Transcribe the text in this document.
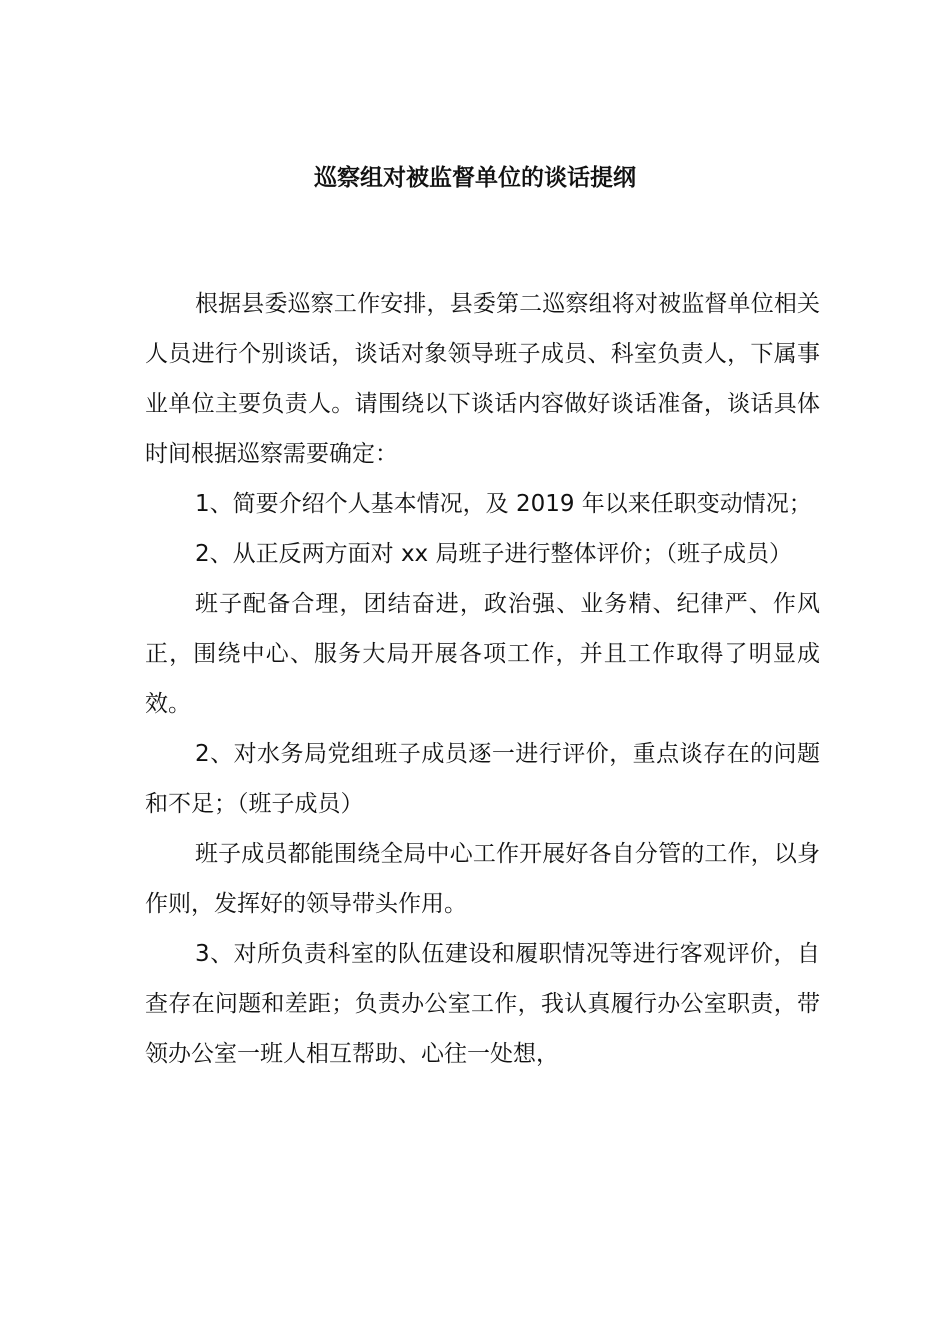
巡察组对被监督单位的谈话提纲

根据县委巡察工作安排，县委第二巡察组将对被监督单位相关人员进行个别谈话，谈话对象领导班子成员、科室负责人，下属事业单位主要负责人。请围绕以下谈话内容做好谈话准备，谈话具体时间根据巡察需要确定：

1、简要介绍个人基本情况，及 2019 年以来任职变动情况；

2、从正反两方面对 xx 局班子进行整体评价；（班子成员）

班子配备合理，团结奋进，政治强、业务精、纪律严、作风正，围绕中心、服务大局开展各项工作，并且工作取得了明显成效。

2、对水务局党组班子成员逐一进行评价，重点谈存在的问题和不足；（班子成员）

班子成员都能围绕全局中心工作开展好各自分管的工作，以身作则，发挥好的领导带头作用。

3、对所负责科室的队伍建设和履职情况等进行客观评价，自查存在问题和差距；负责办公室工作，我认真履行办公室职责，带领办公室一班人相互帮助、心往一处想，
